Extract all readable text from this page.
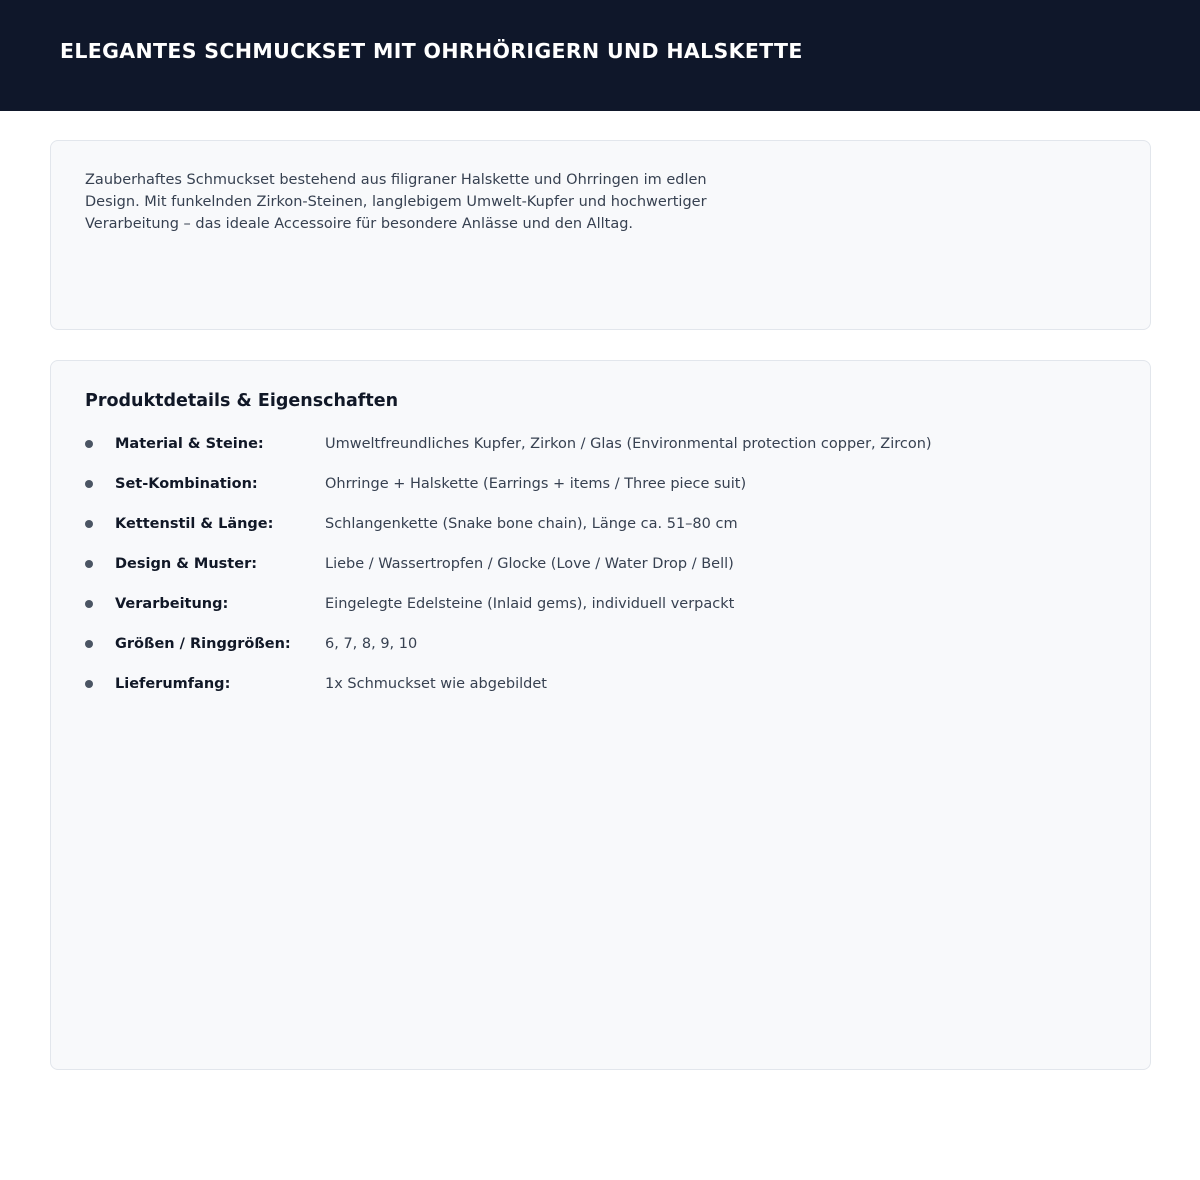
ELEGANTES SCHMUCKSET MIT OHRHÖRIGERN UND HALSKETTE

Zauberhaftes Schmuckset bestehend aus filigraner Halskette und Ohrringen im edlen Design. Mit funkelnden Zirkon-Steinen, langlebigem Umwelt-Kupfer und hochwertiger Verarbeitung – das ideale Accessoire für besondere Anlässe und den Alltag.

Produktdetails & Eigenschaften
Material & Steine:	Umweltfreundliches Kupfer, Zirkon / Glas (Environmental protection copper, Zircon)
Set-Kombination:	Ohrringe + Halskette (Earrings + items / Three piece suit)
Kettenstil & Länge:	Schlangenkette (Snake bone chain), Länge ca. 51–80 cm
Design & Muster:	Liebe / Wassertropfen / Glocke (Love / Water Drop / Bell)
Verarbeitung:	Eingelegte Edelsteine (Inlaid gems), individuell verpackt
Größen / Ringgrößen: 6, 7, 8, 9, 10
Lieferumfang:	1x Schmuckset wie abgebildet
